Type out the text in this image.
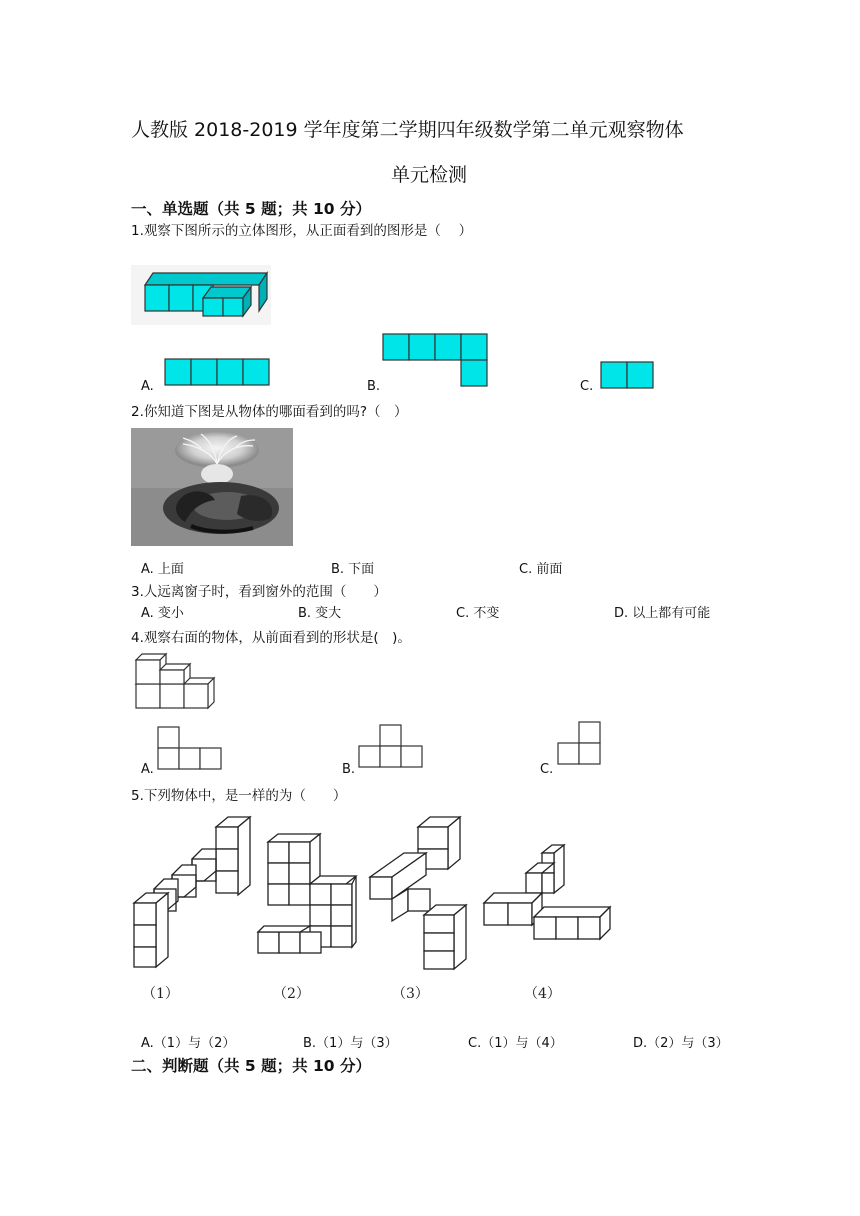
人教版 2018-2019 学年度第二学期四年级数学第二单元观察物体
单元检测
一、单选题（共 5 题；共 10 分）
1.观察下图所示的立体图形，从正面看到的图形是（　 ）
A.	B.	C.
2.你知道下图是从物体的哪面看到的吗?（　）
A. 上面	B. 下面	C. 前面
3.人远离窗子时，看到窗外的范围（　　）
A. 变小	B. 变大	C. 不变	D. 以上都有可能
4.观察右面的物体，从前面看到的形状是(　)。
A.	B.	C.
5.下列物体中，是一样的为（　　）
（1）	（2）	（3）	（4）
A.（1）与（2）	B.（1）与（3）	C.（1）与（4）	D.（2）与（3）
二、判断题（共 5 题；共 10 分）
